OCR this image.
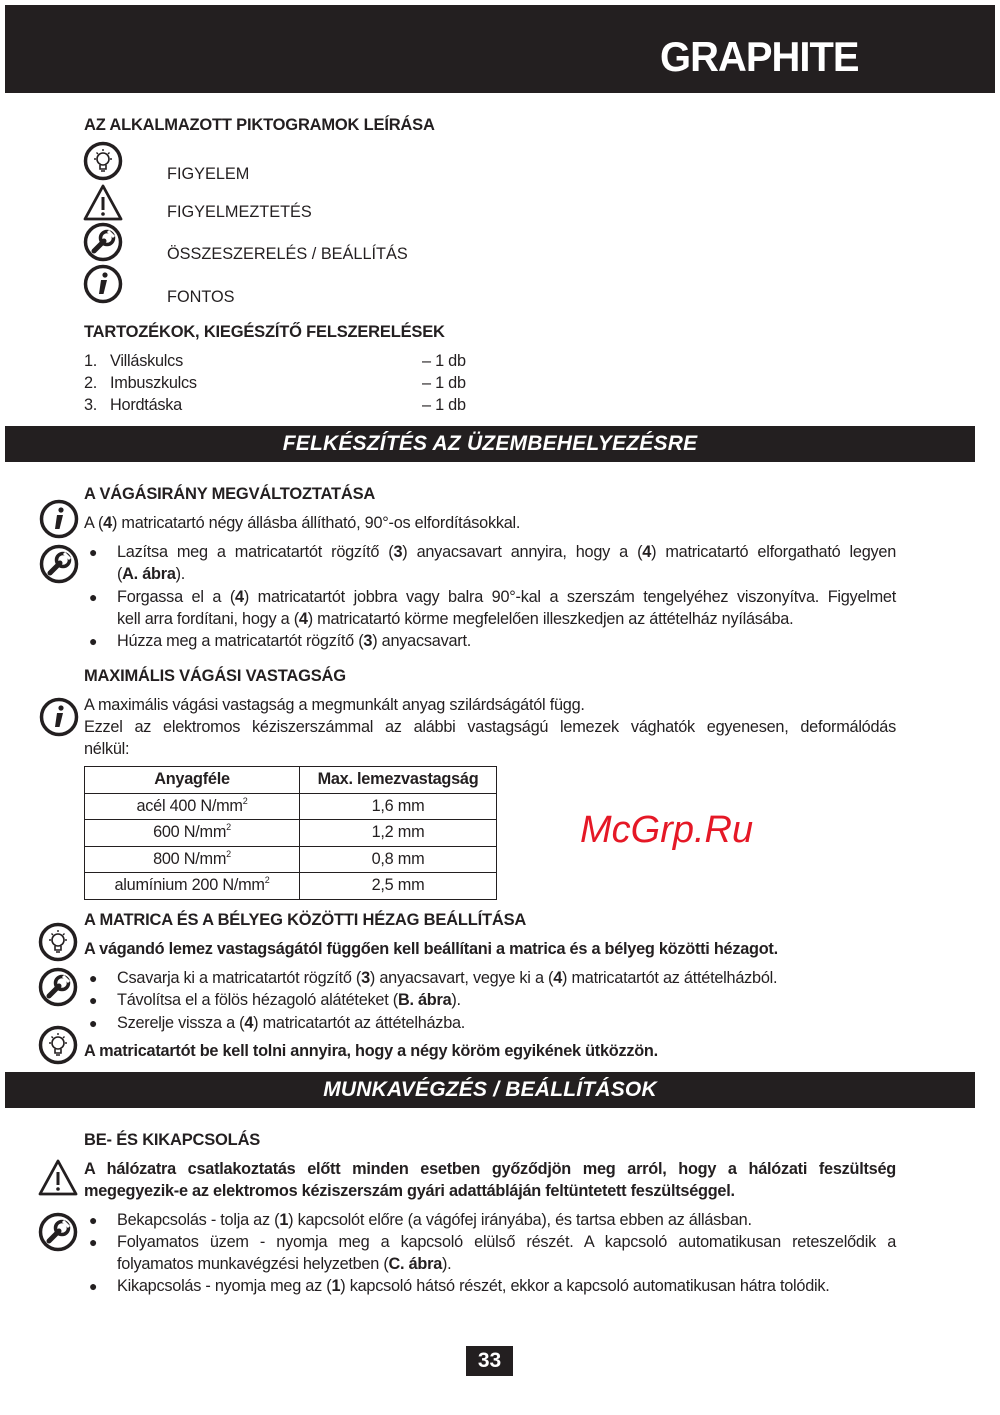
GRAPHITE
AZ ALKALMAZOTT PIKTOGRAMOK LEÍRÁSA
FIGYELEM
FIGYELMEZTETÉS
ÖSSZESZERELÉS / BEÁLLÍTÁS
FONTOS
TARTOZÉKOK, KIEGÉSZÍTŐ FELSZERELÉSEK
1. Villáskulcs	– 1 db
2. Imbuszkulcs	– 1 db
3. Hordtáska	– 1 db
FELKÉSZÍTÉS AZ ÜZEMBEHELYEZÉSRE
A VÁGÁSIRÁNY MEGVÁLTOZTATÁSA
A (4) matricatartó négy állásba állítható, 90°-os elfordításokkal.
● Lazítsa meg a matricatartót rögzítő (3) anyacsavart annyira, hogy a (4) matricatartó elforgatható legyen
(A. ábra).
● Forgassa el a (4) matricatartót jobbra vagy balra 90°-kal a szerszám tengelyéhez viszonyítva. Figyelmet
kell arra fordítani, hogy a (4) matricatartó körme megfelelően illeszkedjen az áttételház nyílásába.
● Húzza meg a matricatartót rögzítő (3) anyacsavart.
MAXIMÁLIS VÁGÁSI VASTAGSÁG
A maximális vágási vastagság a megmunkált anyag szilárdságától függ.
Ezzel az elektromos kéziszerszámmal az alábbi vastagságú lemezek vághatók egyenesen, deformálódás
nélkül:
Anyagféle	Max. lemezvastagság
acél 400 $N/mm^2$	1,6 mm
600 $N/mm^2$	1,2 mm
800 $N/mm^2$	0,8 mm
alumínium 200 $N/mm^2$	2,5 mm
McGrp.Ru
A MATRICA ÉS A BÉLYEG KÖZÖTTI HÉZAG BEÁLLÍTÁSA
A vágandó lemez vastagságától függően kell beállítani a matrica és a bélyeg közötti hézagot.
● Csavarja ki a matricatartót rögzítő (3) anyacsavart, vegye ki a (4) matricatartót az áttételházból.
● Távolítsa el a fölös hézagoló alátéteket (B. ábra).
● Szerelje vissza a (4) matricatartót az áttételházba.
A matricatartót be kell tolni annyira, hogy a négy köröm egyikének ütközzön.
MUNKAVÉGZÉS / BEÁLLÍTÁSOK
BE- ÉS KIKAPCSOLÁS
A hálózatra csatlakoztatás előtt minden esetben győződjön meg arról, hogy a hálózati feszültség
megegyezik-e az elektromos kéziszerszám gyári adattábláján feltüntetett feszültséggel.
● Bekapcsolás - tolja az (1) kapcsolót előre (a vágófej irányába), és tartsa ebben az állásban.
● Folyamatos üzem - nyomja meg a kapcsoló elülső részét. A kapcsoló automatikusan reteszelődik a
folyamatos munkavégzési helyzetben (C. ábra).
● Kikapcsolás - nyomja meg az (1) kapcsoló hátsó részét, ekkor a kapcsoló automatikusan hátra tolódik.
33
